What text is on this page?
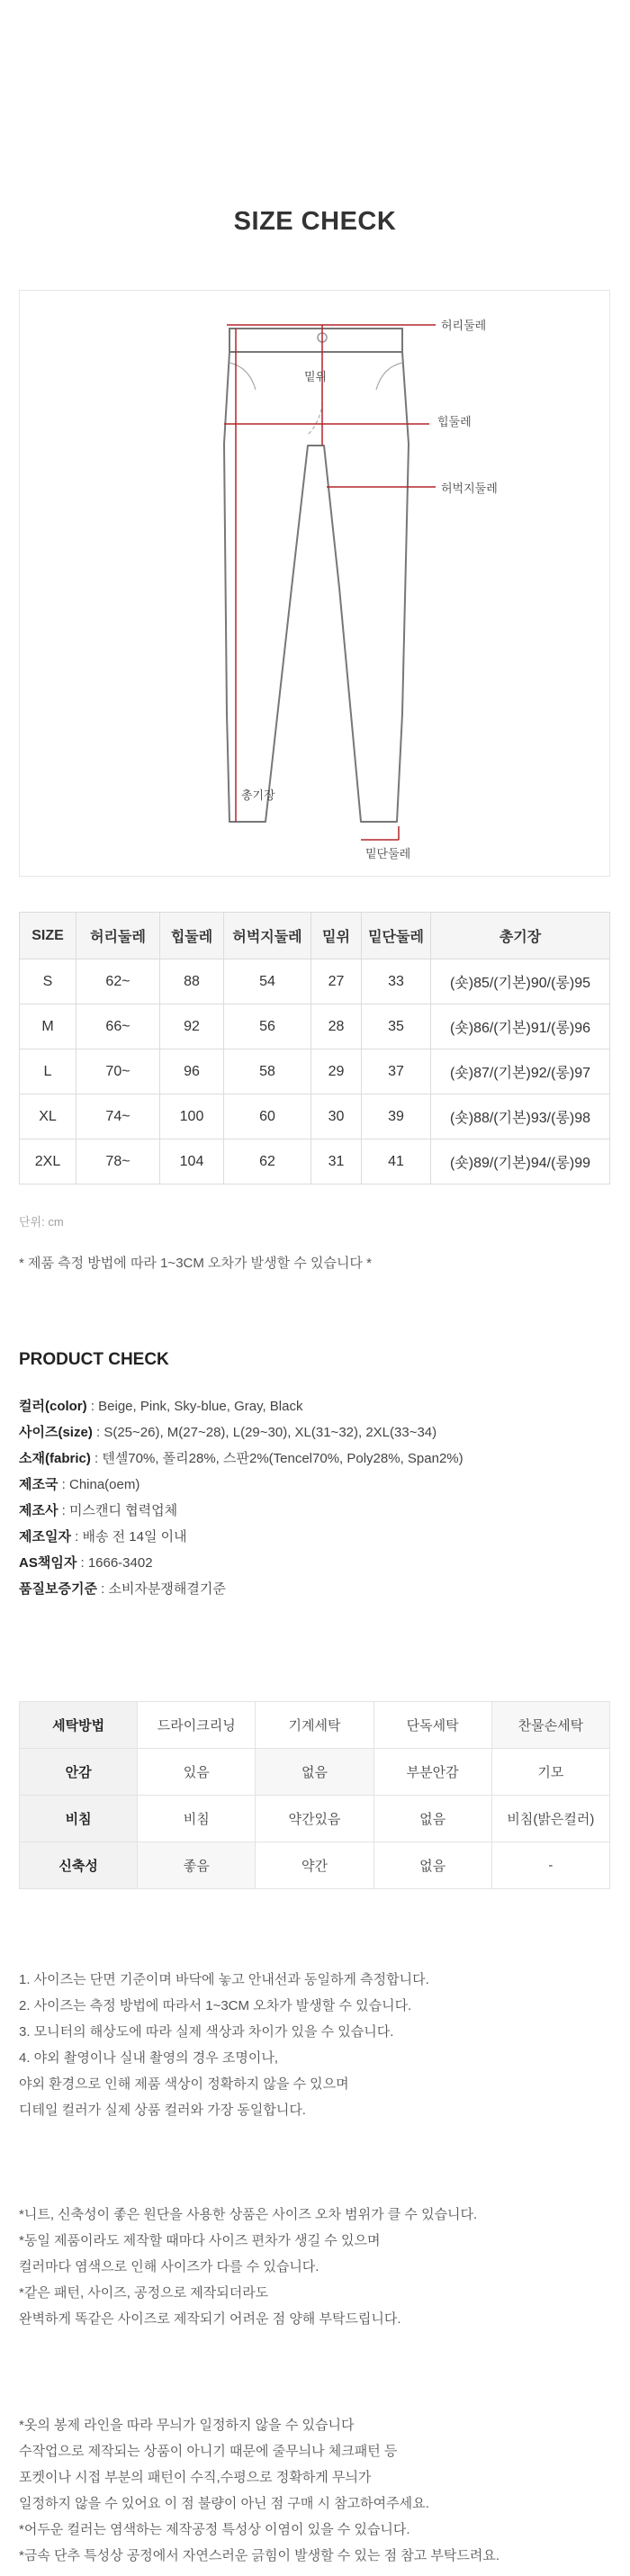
SIZE CHECK
허리둘레
밑위
힙둘레
허벅지둘레
총기장
밑단둘레
SIZE	허리둘레	힙둘레	허벅지둘레	밑위	밑단둘레	총기장
S	62~	88	54	27	33	(숏)85/(기본)90/(롱)95
M	66~	92	56	28	35	(숏)86/(기본)91/(롱)96
L	70~	96	58	29	37	(숏)87/(기본)92/(롱)97
XL	74~	100	60	30	39	(숏)88/(기본)93/(롱)98
2XL	78~	104	62	31	41	(숏)89/(기본)94/(롱)99
단위: cm
* 제품 측정 방법에 따라 1~3CM 오차가 발생할 수 있습니다 *
PRODUCT CHECK
컬러(color) : Beige, Pink, Sky-blue, Gray, Black
사이즈(size) : S(25~26), M(27~28), L(29~30), XL(31~32), 2XL(33~34)
소재(fabric) : 텐셀70%, 폴리28%, 스판2%(Tencel70%, Poly28%, Span2%)
제조국 : China(oem)
제조사 : 미스캔디 협력업체
제조일자 : 배송 전 14일 이내
AS책임자 : 1666-3402
품질보증기준 : 소비자분쟁해결기준
세탁방법	드라이크리닝	기계세탁	단독세탁	찬물손세탁
안감	있음	없음	부분안감	기모
비침	비침	약간있음	없음	비침(밝은컬러)
신축성	좋음	약간	없음	-
1. 사이즈는 단면 기준이며 바닥에 놓고 안내선과 동일하게 측정합니다.
2. 사이즈는 측정 방법에 따라서 1~3CM 오차가 발생할 수 있습니다.
3. 모니터의 해상도에 따라 실제 색상과 차이가 있을 수 있습니다.
4. 야외 촬영이나 실내 촬영의 경우 조명이나,
야외 환경으로 인해 제품 색상이 정확하지 않을 수 있으며
디테일 컬러가 실제 상품 컬러와 가장 동일합니다.
*니트, 신축성이 좋은 원단을 사용한 상품은 사이즈 오차 범위가 클 수 있습니다.
*동일 제품이라도 제작할 때마다 사이즈 편차가 생길 수 있으며
컬러마다 염색으로 인해 사이즈가 다를 수 있습니다.
*같은 패턴, 사이즈, 공정으로 제작되더라도
완벽하게 똑같은 사이즈로 제작되기 어려운 점 양해 부탁드립니다.
*옷의 봉제 라인을 따라 무늬가 일정하지 않을 수 있습니다
수작업으로 제작되는 상품이 아니기 때문에 줄무늬나 체크패턴 등
포켓이나 시접 부분의 패턴이 수직,수평으로 정확하게 무늬가
일정하지 않을 수 있어요 이 점 불량이 아닌 점 구매 시 참고하여주세요.
*어두운 컬러는 염색하는 제작공정 특성상 이염이 있을 수 있습니다.
*금속 단추 특성상 공정에서 자연스러운 긁힘이 발생할 수 있는 점 참고 부탁드려요.
